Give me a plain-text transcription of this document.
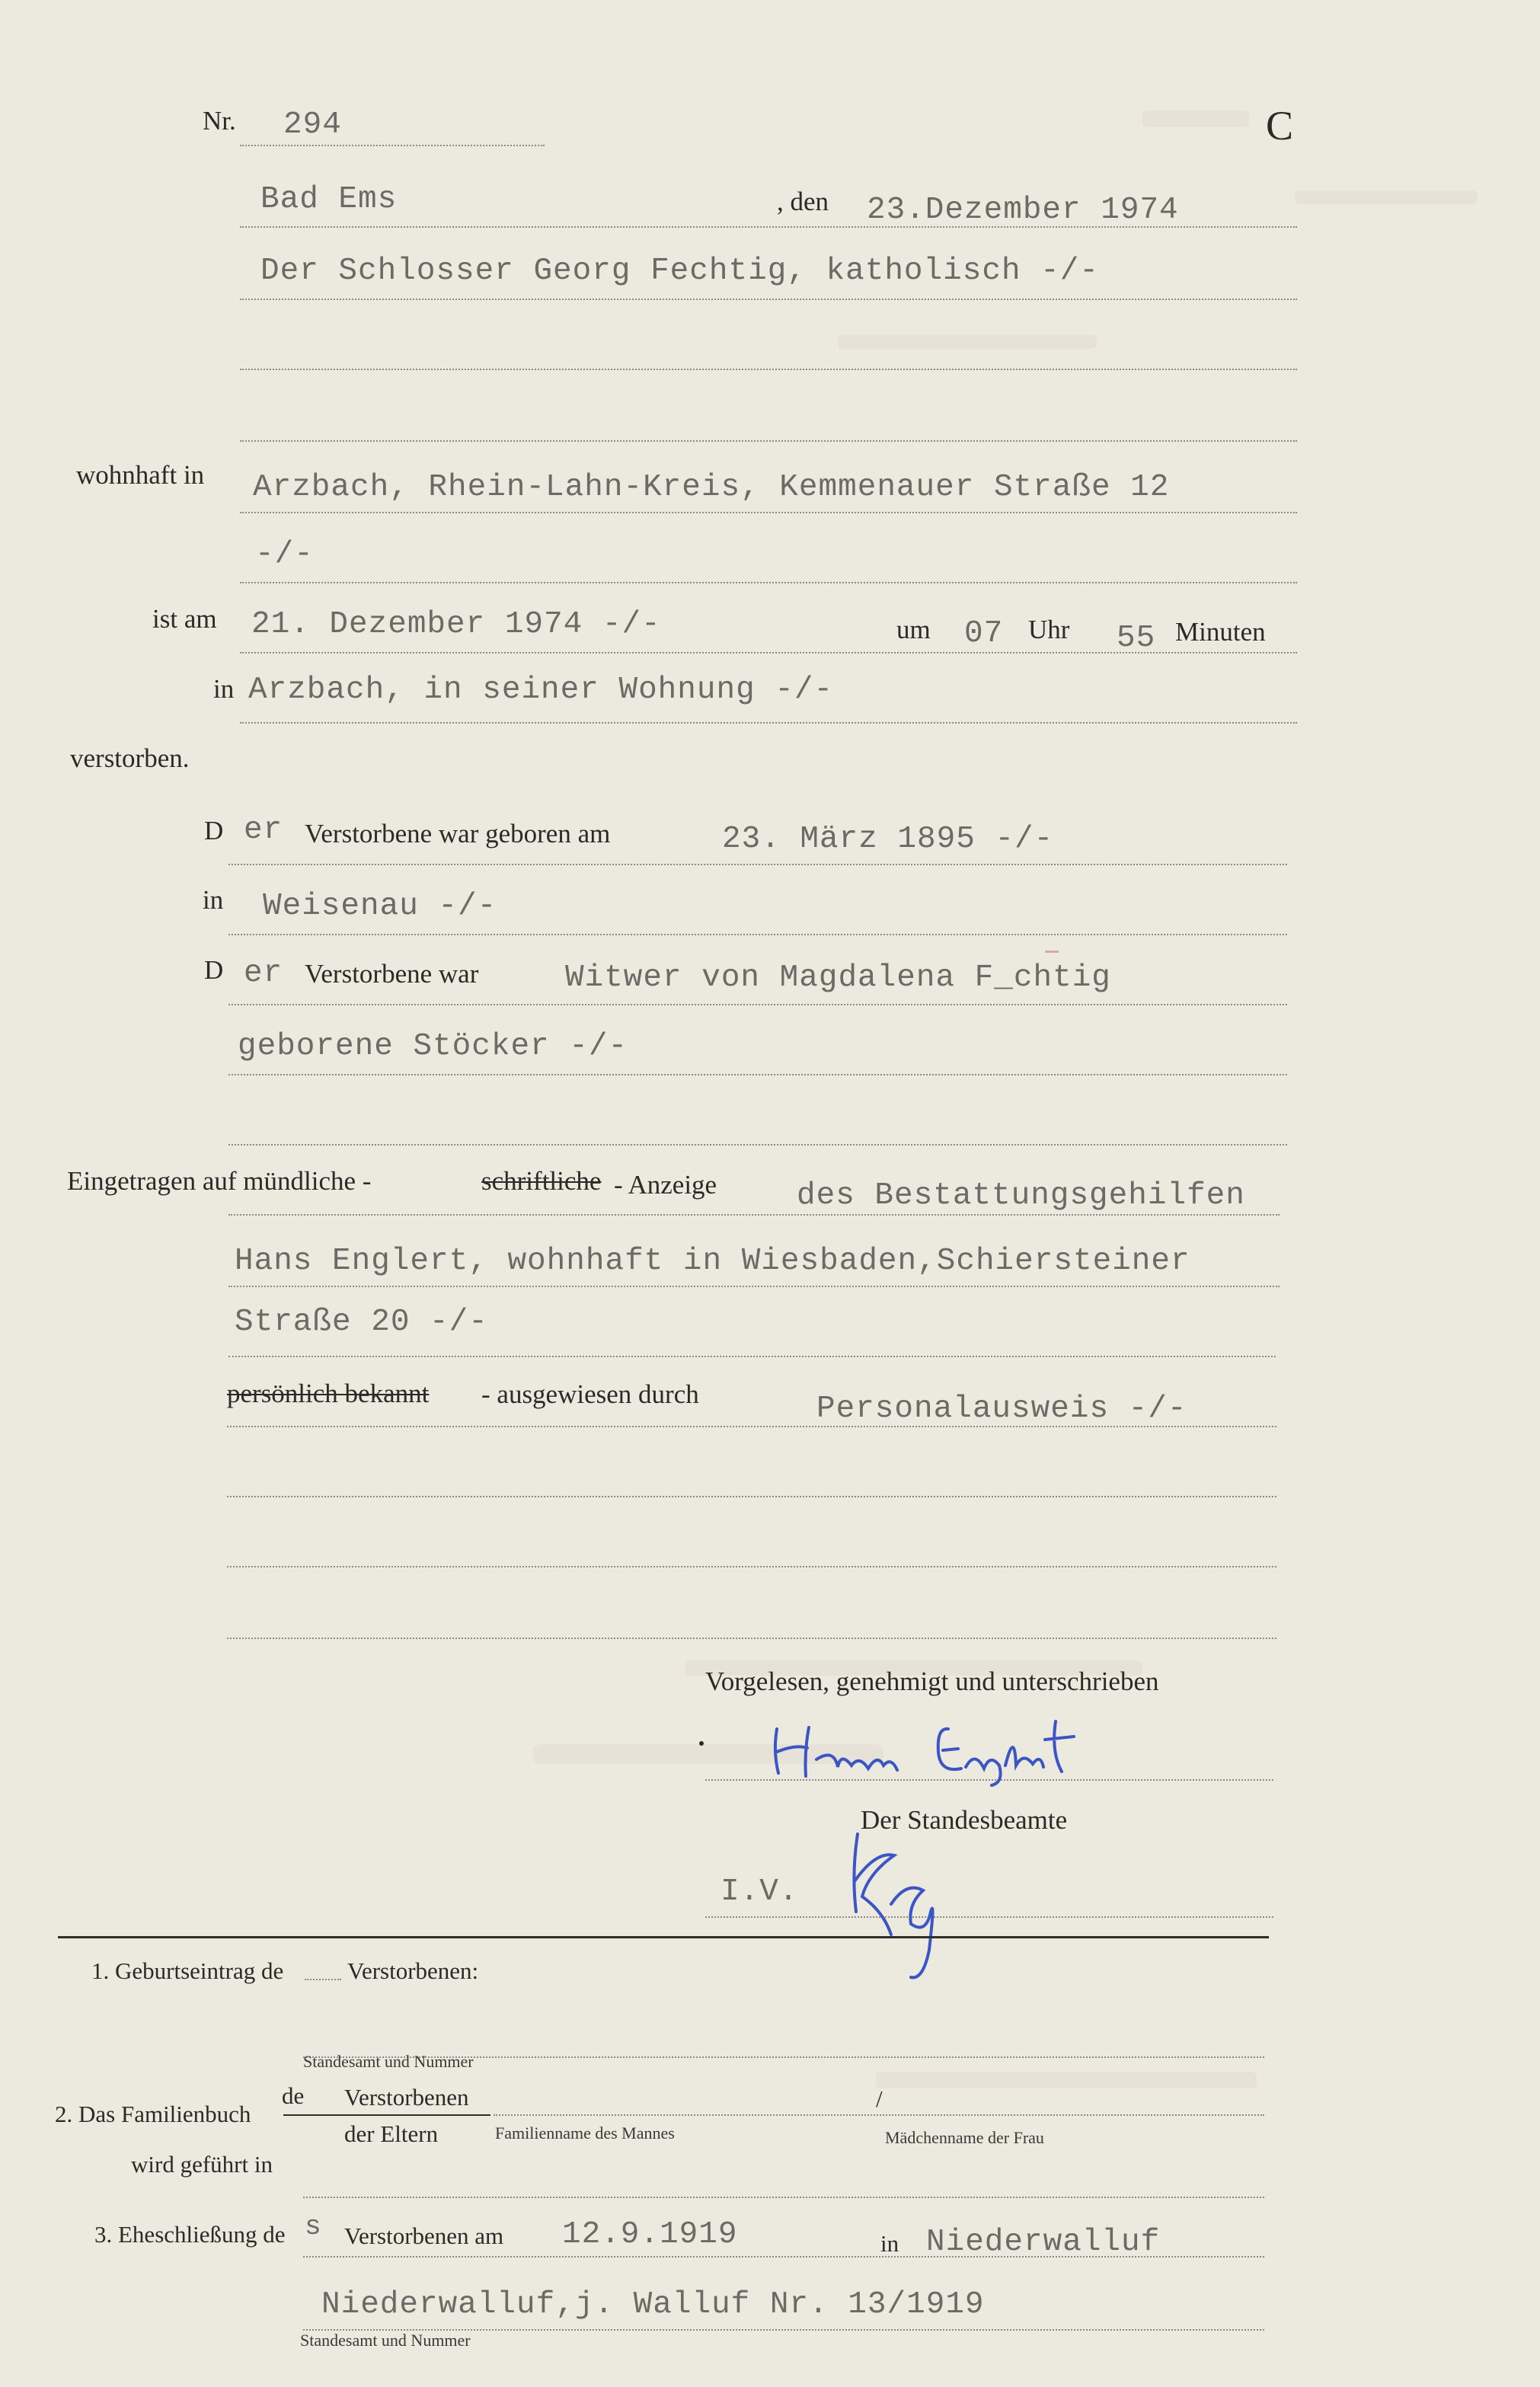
Nr. 294	C
Bad Ems	, den 23.Dezember 1974
Der Schlosser Georg Fechtig, katholisch -/-
wohnhaft in Arzbach, Rhein-Lahn-Kreis, Kemmenauer Straße 12
-/-
ist am 21. Dezember 1974 -/-	um 07 Uhr 55 Minuten
in Arzbach, in seiner Wohnung -/-
verstorben.
D er Verstorbene war geboren am	23. März 1895 -/-
in Weisenau -/-
D er Verstorbene war	Witwer von Magdalena F_chtig
geborene Stöcker -/-
Eingetragen auf mündliche -	schriftliche - Anzeige	des Bestattungsgehilfen
Hans Englert, wohnhaft in Wiesbaden,Schiersteiner
Straße 20 -/-
persönlich bekannt - ausgewiesen durch	Personalausweis -/-
Vorgelesen, genehmigt und unterschrieben
Der Standesbeamte
I.V.
1. Geburtseintrag de	Verstorbenen:
Standesamt und Nummer
2. Das Familienbuch
de Verstorbenen
der Eltern	Familienname des Mannes
/
Mädchenname der Frau
wird geführt in
3. Eheschließung de s Verstorbenen am 12.9.1919	in Niederwalluf
Niederwalluf,j. Walluf Nr. 13/1919
Standesamt und Nummer
